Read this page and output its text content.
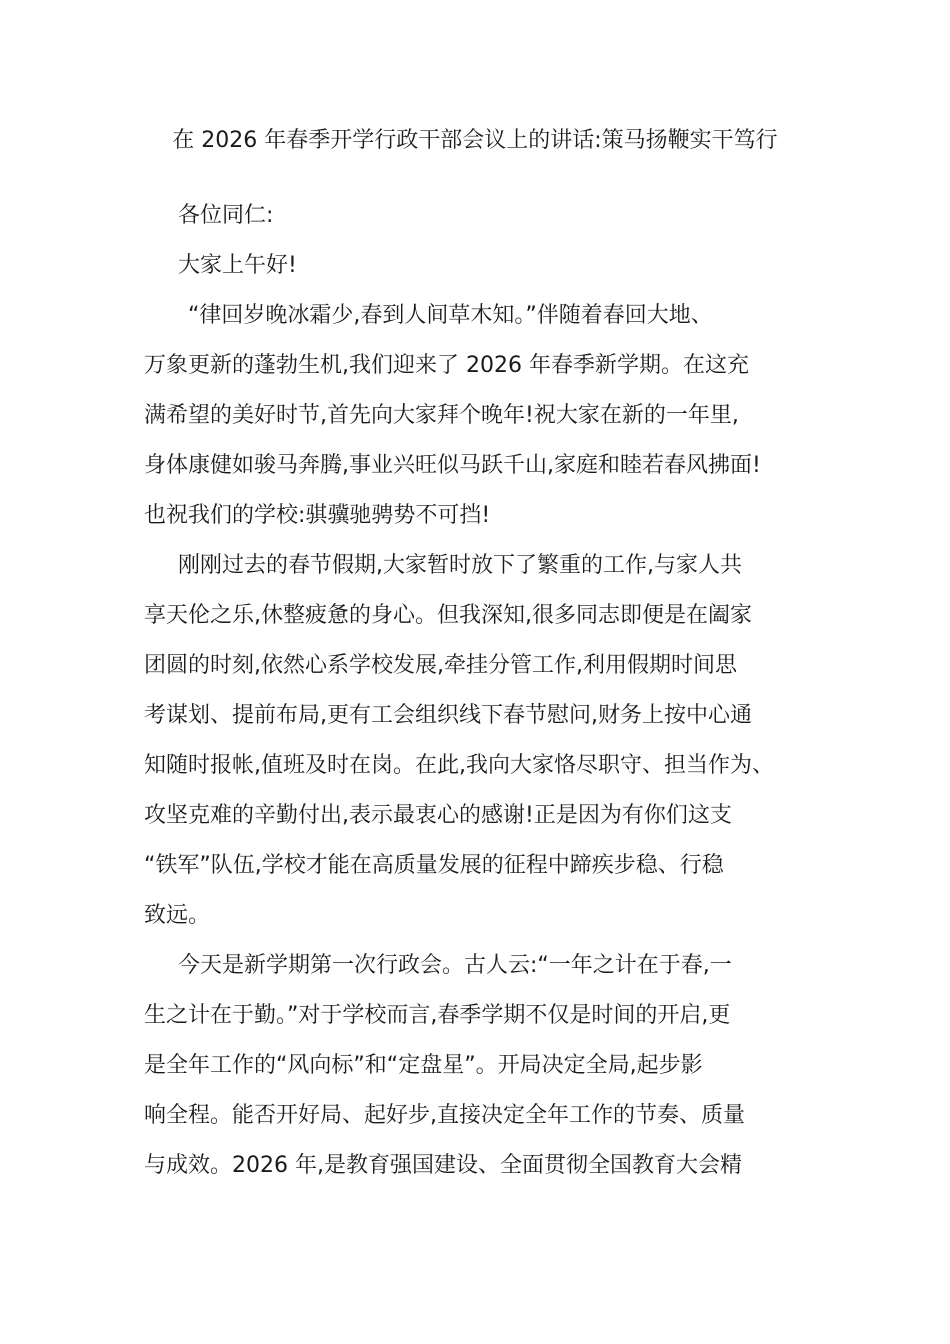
在 2026 年春季开学行政干部会议上的讲话:策马扬鞭实干笃行
各位同仁:
大家上午好!
“律回岁晚冰霜少,春到人间草木知。”伴随着春回大地、
万象更新的蓬勃生机,我们迎来了 2026 年春季新学期。在这充
满希望的美好时节,首先向大家拜个晚年!祝大家在新的一年里,
身体康健如骏马奔腾,事业兴旺似马跃千山,家庭和睦若春风拂面!
也祝我们的学校:骐骥驰骋势不可挡!
刚刚过去的春节假期,大家暂时放下了繁重的工作,与家人共
享天伦之乐,休整疲惫的身心。但我深知,很多同志即便是在阖家
团圆的时刻,依然心系学校发展,牵挂分管工作,利用假期时间思
考谋划、提前布局,更有工会组织线下春节慰问,财务上按中心通
知随时报帐,值班及时在岗。在此,我向大家恪尽职守、担当作为、
攻坚克难的辛勤付出,表示最衷心的感谢!正是因为有你们这支
“铁军”队伍,学校才能在高质量发展的征程中蹄疾步稳、行稳
致远。
今天是新学期第一次行政会。古人云:“一年之计在于春,一
生之计在于勤。”对于学校而言,春季学期不仅是时间的开启,更
是全年工作的“风向标”和“定盘星”。开局决定全局,起步影
响全程。能否开好局、起好步,直接决定全年工作的节奏、质量
与成效。2026 年,是教育强国建设、全面贯彻全国教育大会精
